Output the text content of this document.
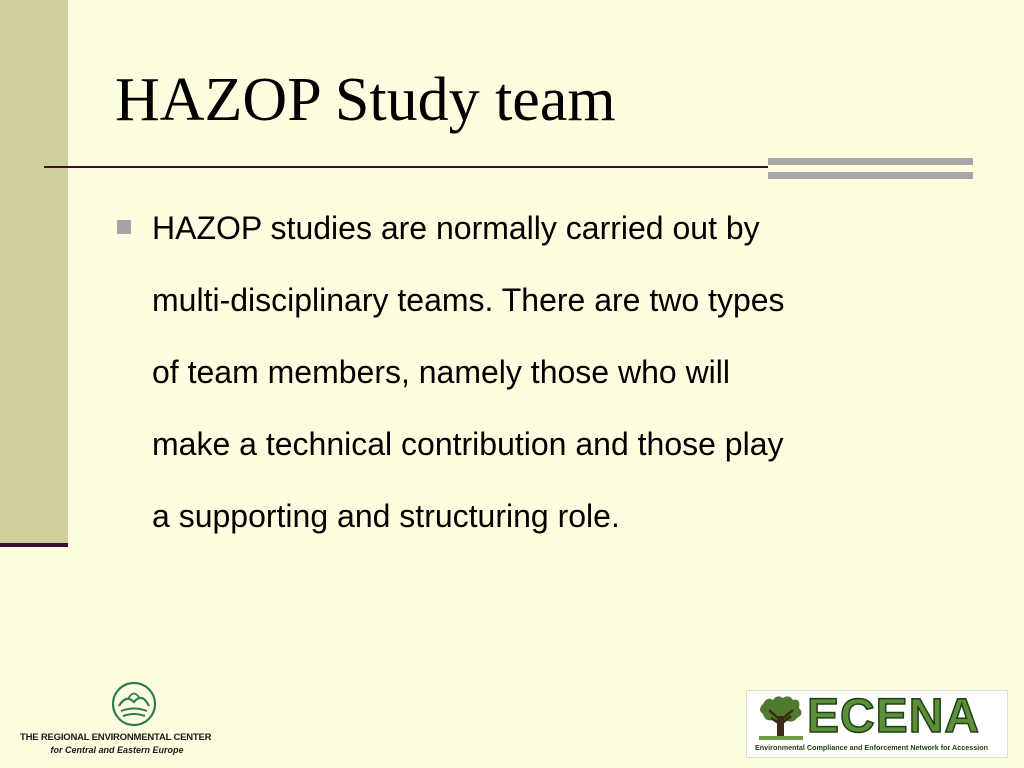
HAZOP Study team
HAZOP studies are normally carried out by
multi-disciplinary teams. There are two types
of team members, namely those who will
make a technical contribution and those play
a supporting and structuring role.
THE REGIONAL ENVIRONMENTAL CENTER
for Central and Eastern Europe
ECENA
Environmental Compliance and Enforcement Network for Accession
